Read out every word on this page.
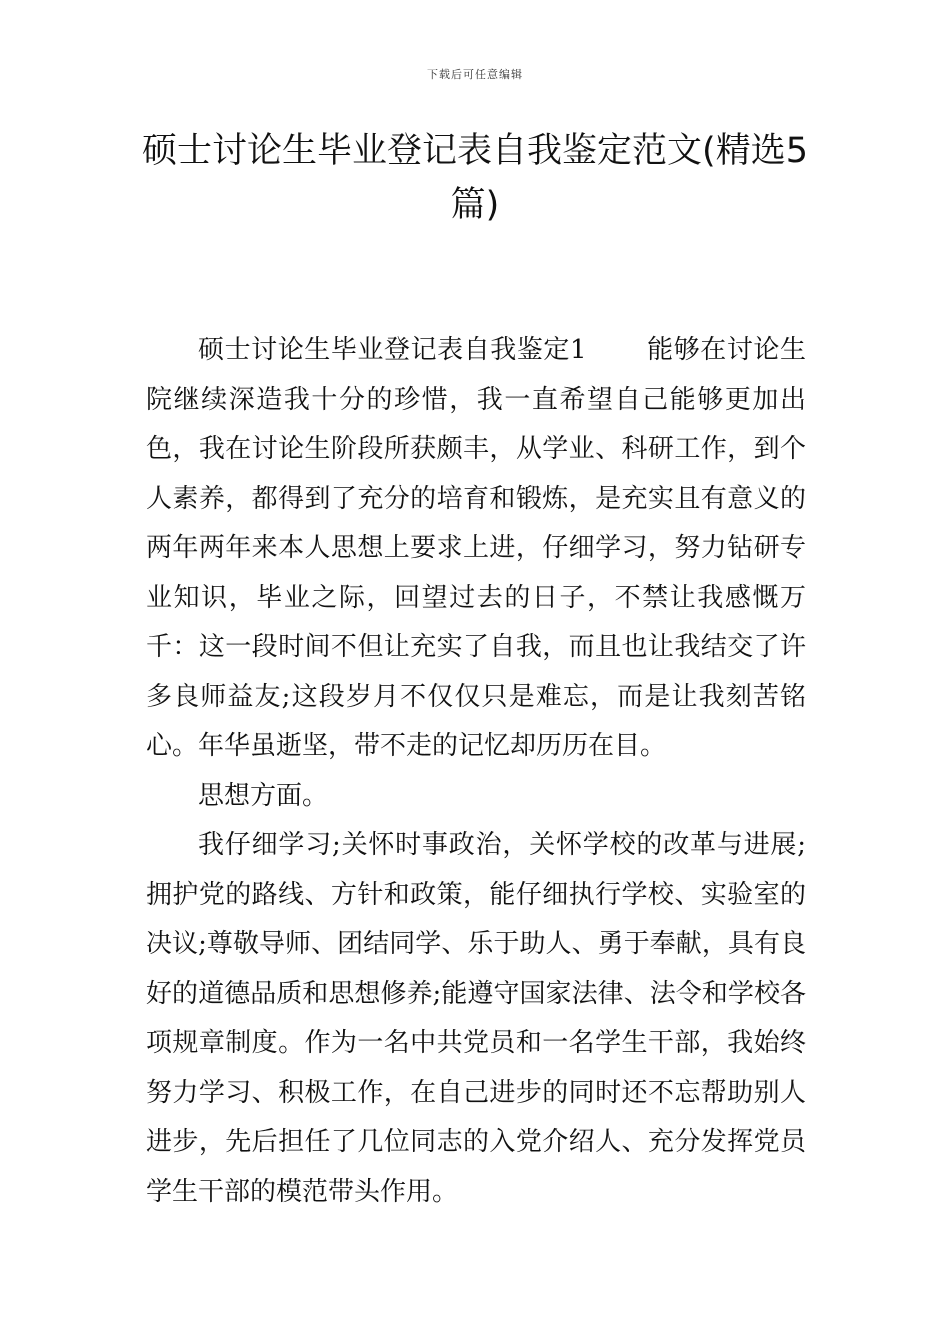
下载后可任意编辑
硕士讨论生毕业登记表自我鉴定范文(精选5篇)

硕士讨论生毕业登记表自我鉴定1 能够在讨论生院继续深造我十分的珍惜，我一直希望自己能够更加出色，我在讨论生阶段所获颇丰，从学业、科研工作，到个人素养，都得到了充分的培育和锻炼，是充实且有意义的两年两年来本人思想上要求上进，仔细学习，努力钻研专业知识，毕业之际，回望过去的日子，不禁让我感慨万千：这一段时间不但让充实了自我，而且也让我结交了许多良师益友;这段岁月不仅仅只是难忘，而是让我刻苦铭心。年华虽逝坚，带不走的记忆却历历在目。

思想方面。

我仔细学习;关怀时事政治，关怀学校的改革与进展;拥护党的路线、方针和政策，能仔细执行学校、实验室的决议;尊敬导师、团结同学、乐于助人、勇于奉献，具有良好的道德品质和思想修养;能遵守国家法律、法令和学校各项规章制度。作为一名中共党员和一名学生干部，我始终努力学习、积极工作，在自己进步的同时还不忘帮助别人进步，先后担任了几位同志的入党介绍人、充分发挥党员学生干部的模范带头作用。
